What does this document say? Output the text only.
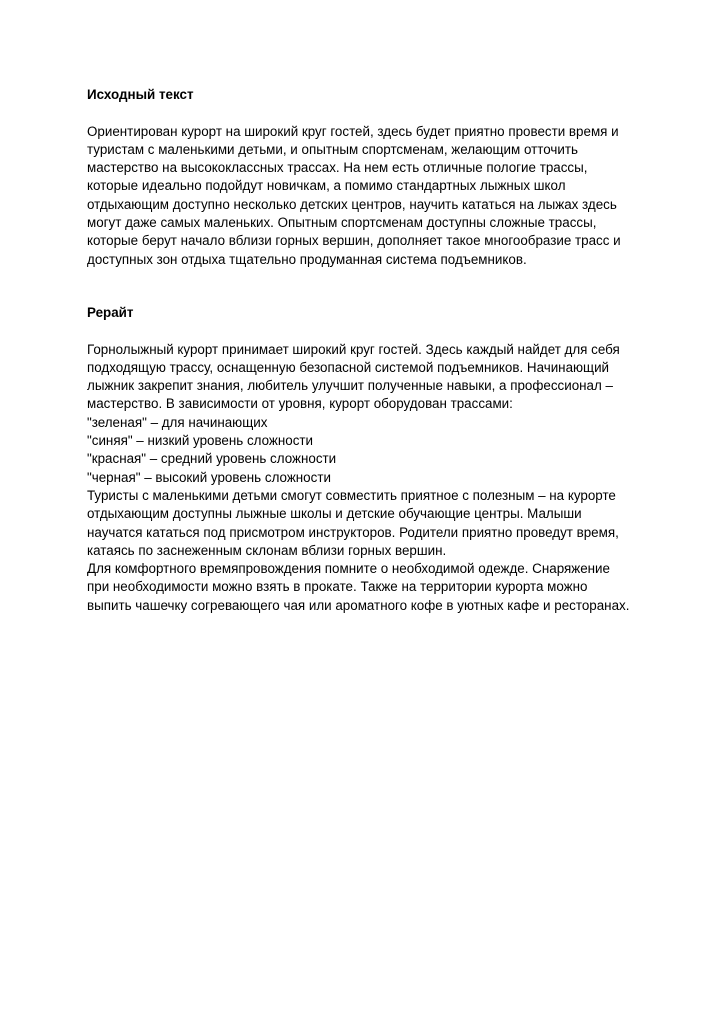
Исходный текст
Ориентирован курорт на широкий круг гостей, здесь будет приятно провести время и
туристам с маленькими детьми, и опытным спортсменам, желающим отточить
мастерство на высококлассных трассах. На нем есть отличные пологие трассы,
которые идеально подойдут новичкам, а помимо стандартных лыжных школ
отдыхающим доступно несколько детских центров, научить кататься на лыжах здесь
могут даже самых маленьких. Опытным спортсменам доступны сложные трассы,
которые берут начало вблизи горных вершин, дополняет такое многообразие трасс и
доступных зон отдыха тщательно продуманная система подъемников.
Рерайт
Горнолыжный курорт принимает широкий круг гостей. Здесь каждый найдет для себя
подходящую трассу, оснащенную безопасной системой подъемников. Начинающий
лыжник закрепит знания, любитель улучшит полученные навыки, а профессионал –
мастерство. В зависимости от уровня, курорт оборудован трассами:
"зеленая" – для начинающих
"синяя" – низкий уровень сложности
"красная" – средний уровень сложности
"черная" – высокий уровень сложности
Туристы с маленькими детьми смогут совместить приятное с полезным – на курорте
отдыхающим доступны лыжные школы и детские обучающие центры. Малыши
научатся кататься под присмотром инструкторов. Родители приятно проведут время,
катаясь по заснеженным склонам вблизи горных вершин.
Для комфортного времяпровождения помните о необходимой одежде. Снаряжение
при необходимости можно взять в прокате. Также на территории курорта можно
выпить чашечку согревающего чая или ароматного кофе в уютных кафе и ресторанах.
